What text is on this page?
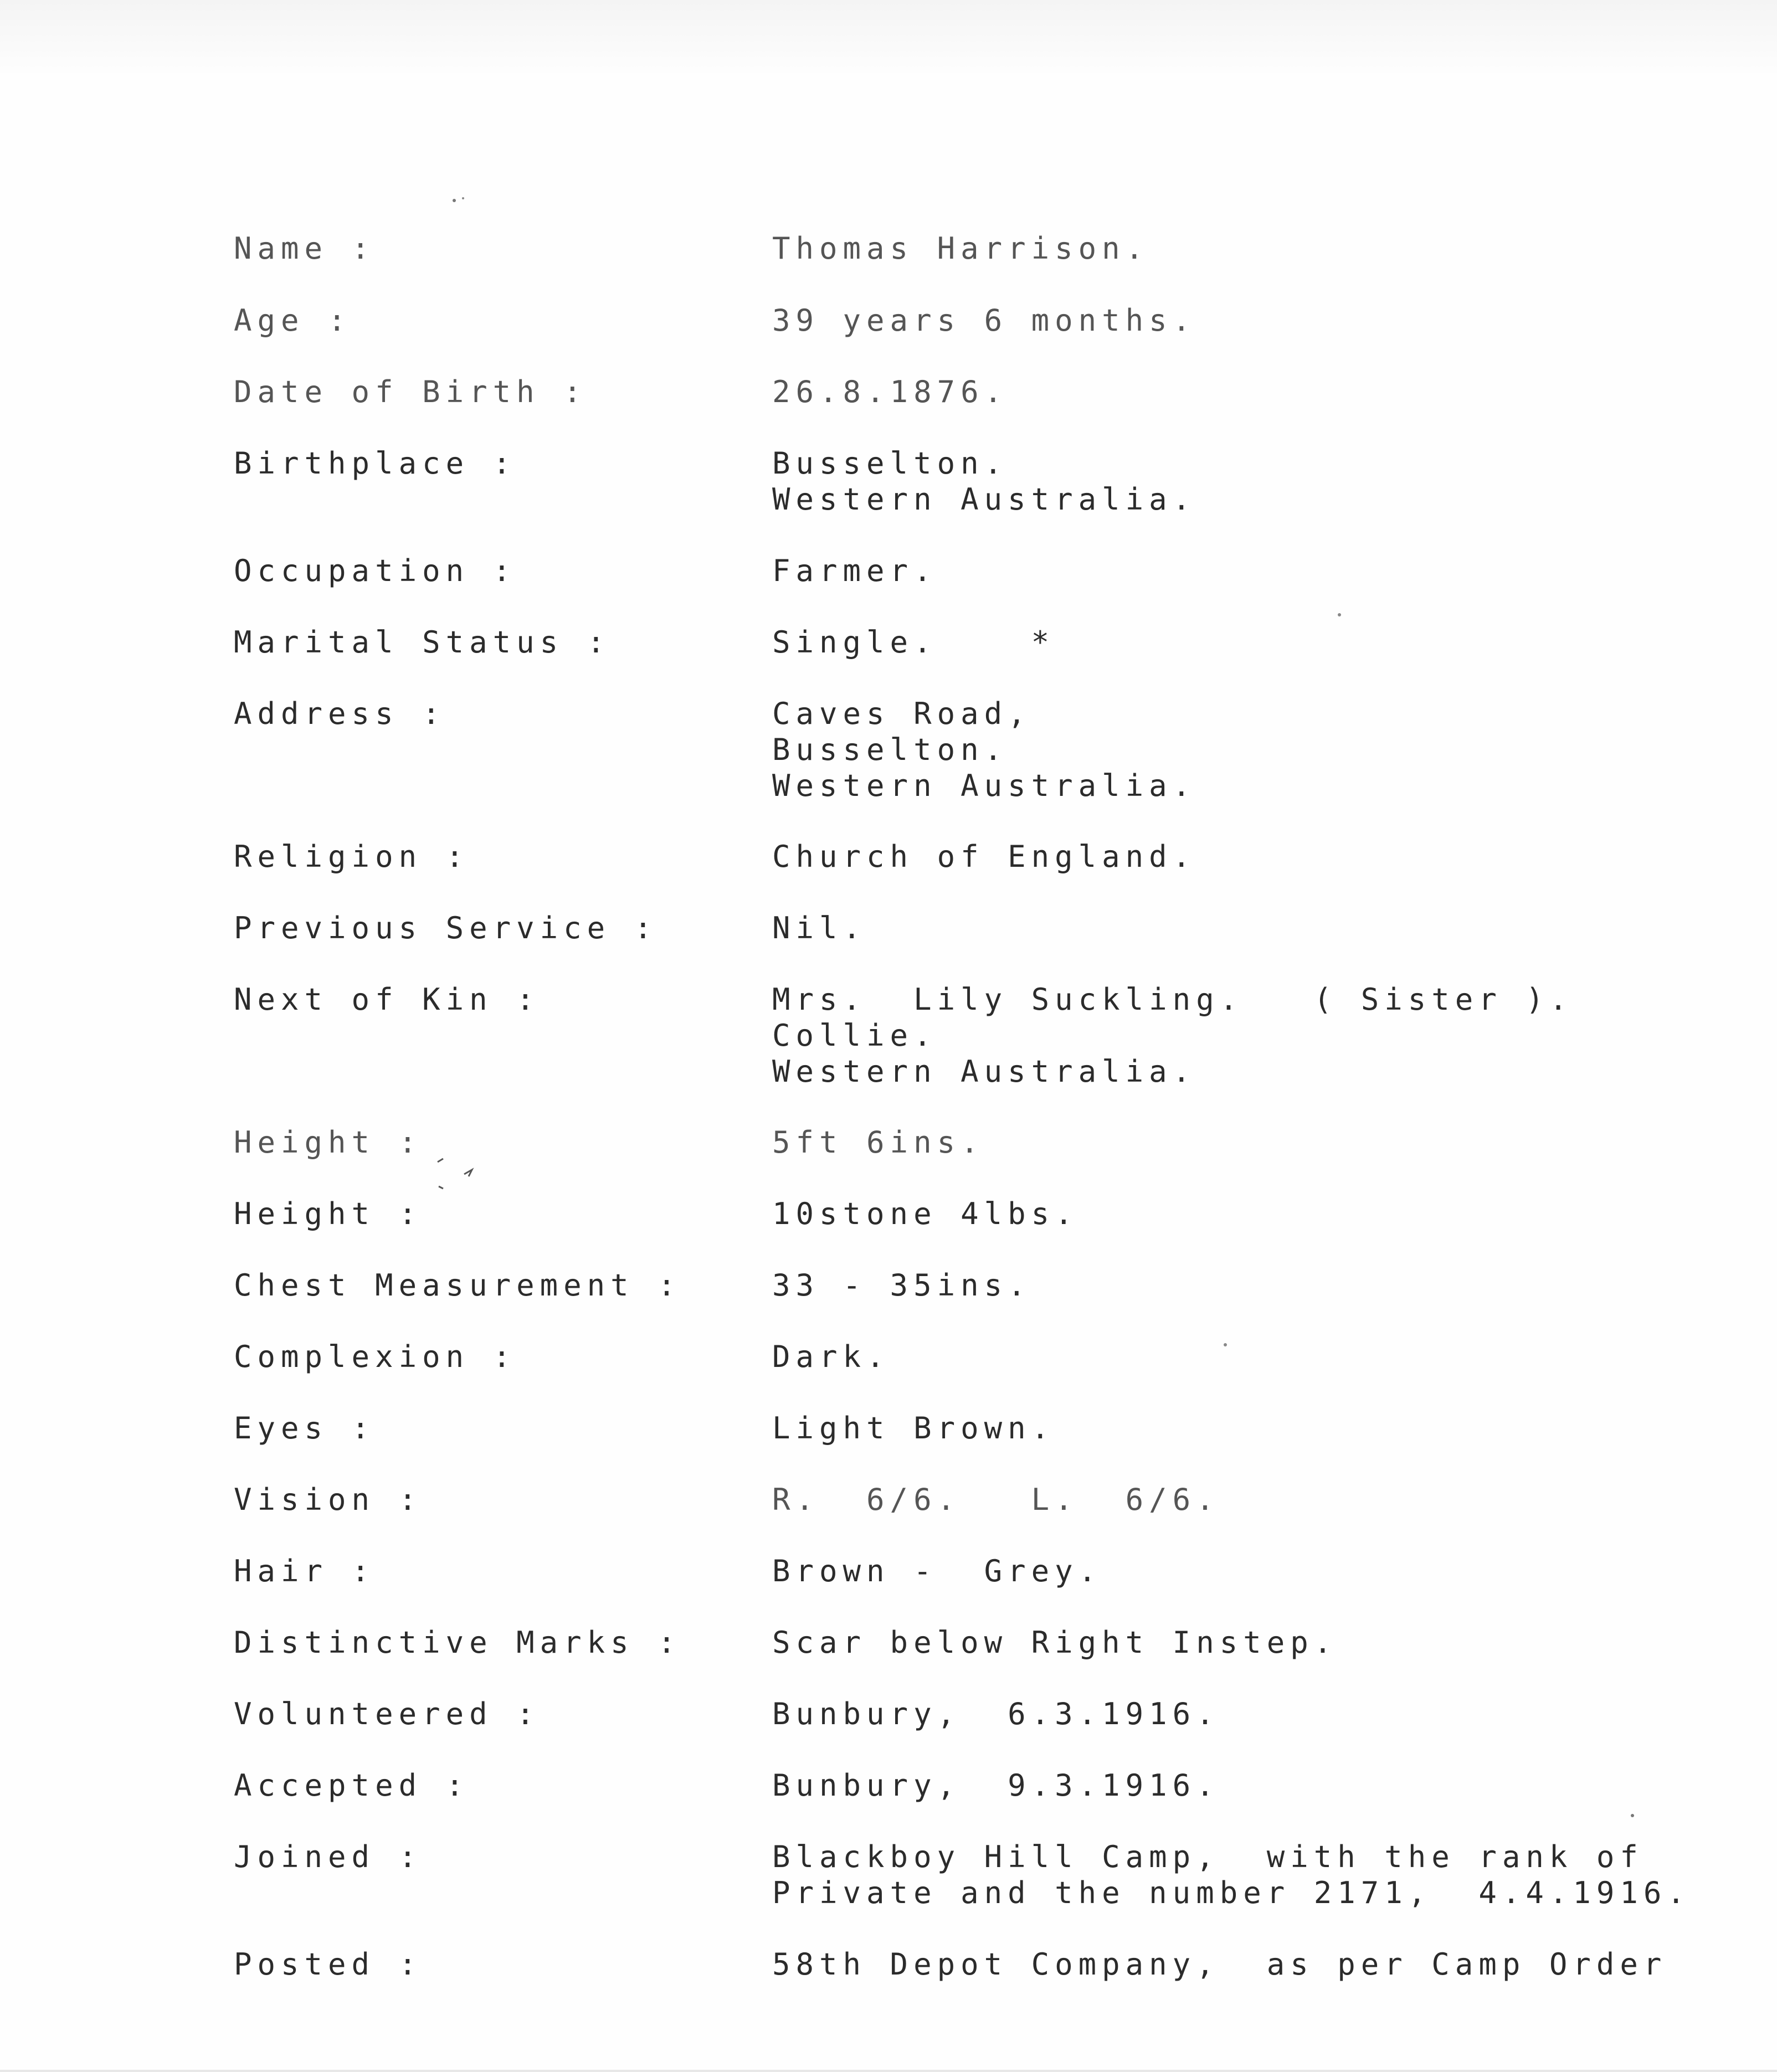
Name :	Thomas Harrison.
Age :	39 years 6 months.
Date of Birth :	26.8.1876.
Birthplace :	Busselton.
Western Australia.
Occupation :	Farmer.
Marital Status :	Single.    *
Address :	Caves Road,
Busselton.
Western Australia.
Religion :	Church of England.
Previous Service :	Nil.
Next of Kin :	Mrs.  Lily Suckling.   ( Sister ).
Collie.
Western Australia.
Height :	5ft 6ins.
Height :	10stone 4lbs.
Chest Measurement :	33 - 35ins.
Complexion :	Dark.
Eyes :	Light Brown.
Vision :	R.  6/6.   L.  6/6.
Hair :	Brown -  Grey.
Distinctive Marks :	Scar below Right Instep.
Volunteered :	Bunbury,  6.3.1916.
Accepted :	Bunbury,  9.3.1916.
Joined :	Blackboy Hill Camp,  with the rank of
Private and the number 2171,  4.4.1916.
Posted :	58th Depot Company,  as per Camp Order
